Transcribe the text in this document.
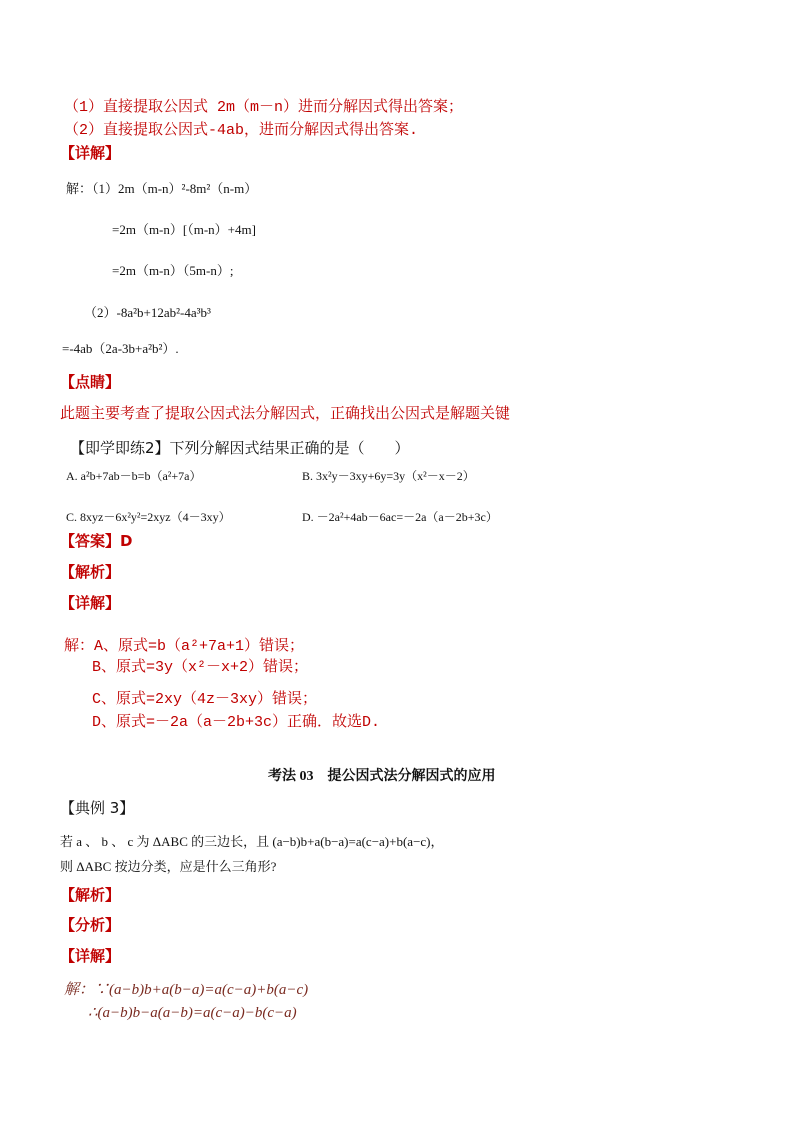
（1）直接提取公因式 2m（m－n）进而分解因式得出答案；
（2）直接提取公因式-4ab，进而分解因式得出答案.
【详解】
解：（1）2m（m-n）²-8m²（n-m）
=2m（m-n）[（m-n）+4m]
=2m（m-n）（5m-n）;
（2）-8a²b+12ab²-4a³b³
=-4ab（2a-3b+a²b²）.
【点睛】
此题主要考查了提取公因式法分解因式，正确找出公因式是解题关键
【即学即练2】下列分解因式结果正确的是（　　）
A. a²b+7ab－b=b（a²+7a）	B. 3x²y－3xy+6y=3y（x²－x－2）
C. 8xyz－6x²y²=2xyz（4－3xy）	D. －2a²+4ab－6ac=－2a（a－2b+3c）
【答案】D
【解析】
【详解】
解：A、原式=b（a²+7a+1）错误；
B、原式=3y（x²－x+2）错误；
C、原式=2xy（4z－3xy）错误；
D、原式=－2a（a－2b+3c）正确．故选D.
考法 03　提公因式法分解因式的应用
【典例 3】
若 a 、 b 、 c 为 ΔABC 的三边长，且 (a−b)b+a(b−a)=a(c−a)+b(a−c)，
则 ΔABC 按边分类，应是什么三角形?
【解析】
【分析】
【详解】
解：∵(a−b)b+a(b−a)=a(c−a)+b(a−c)
∴(a−b)b−a(a−b)=a(c−a)−b(c−a)
